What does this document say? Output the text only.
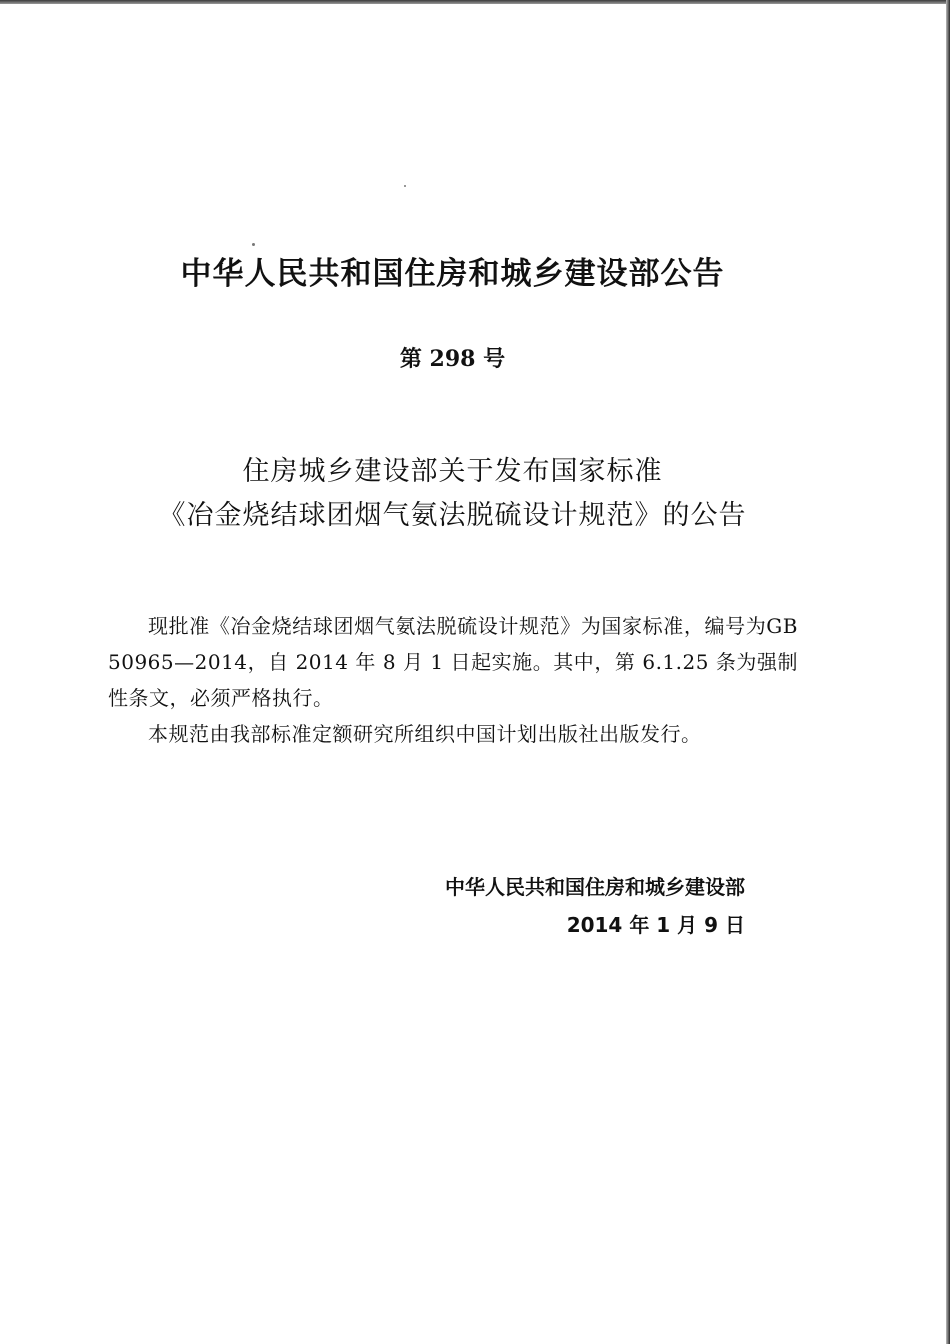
中华人民共和国住房和城乡建设部公告
第 298 号
住房城乡建设部关于发布国家标准
《冶金烧结球团烟气氨法脱硫设计规范》的公告

现批准《冶金烧结球团烟气氨法脱硫设计规范》为国家标准，编号为GB 50965—2014，自 2014 年 8 月 1 日起实施。其中，第 6.1.25 条为强制性条文，必须严格执行。

本规范由我部标准定额研究所组织中国计划出版社出版发行。

中华人民共和国住房和城乡建设部
2014 年 1 月 9 日
